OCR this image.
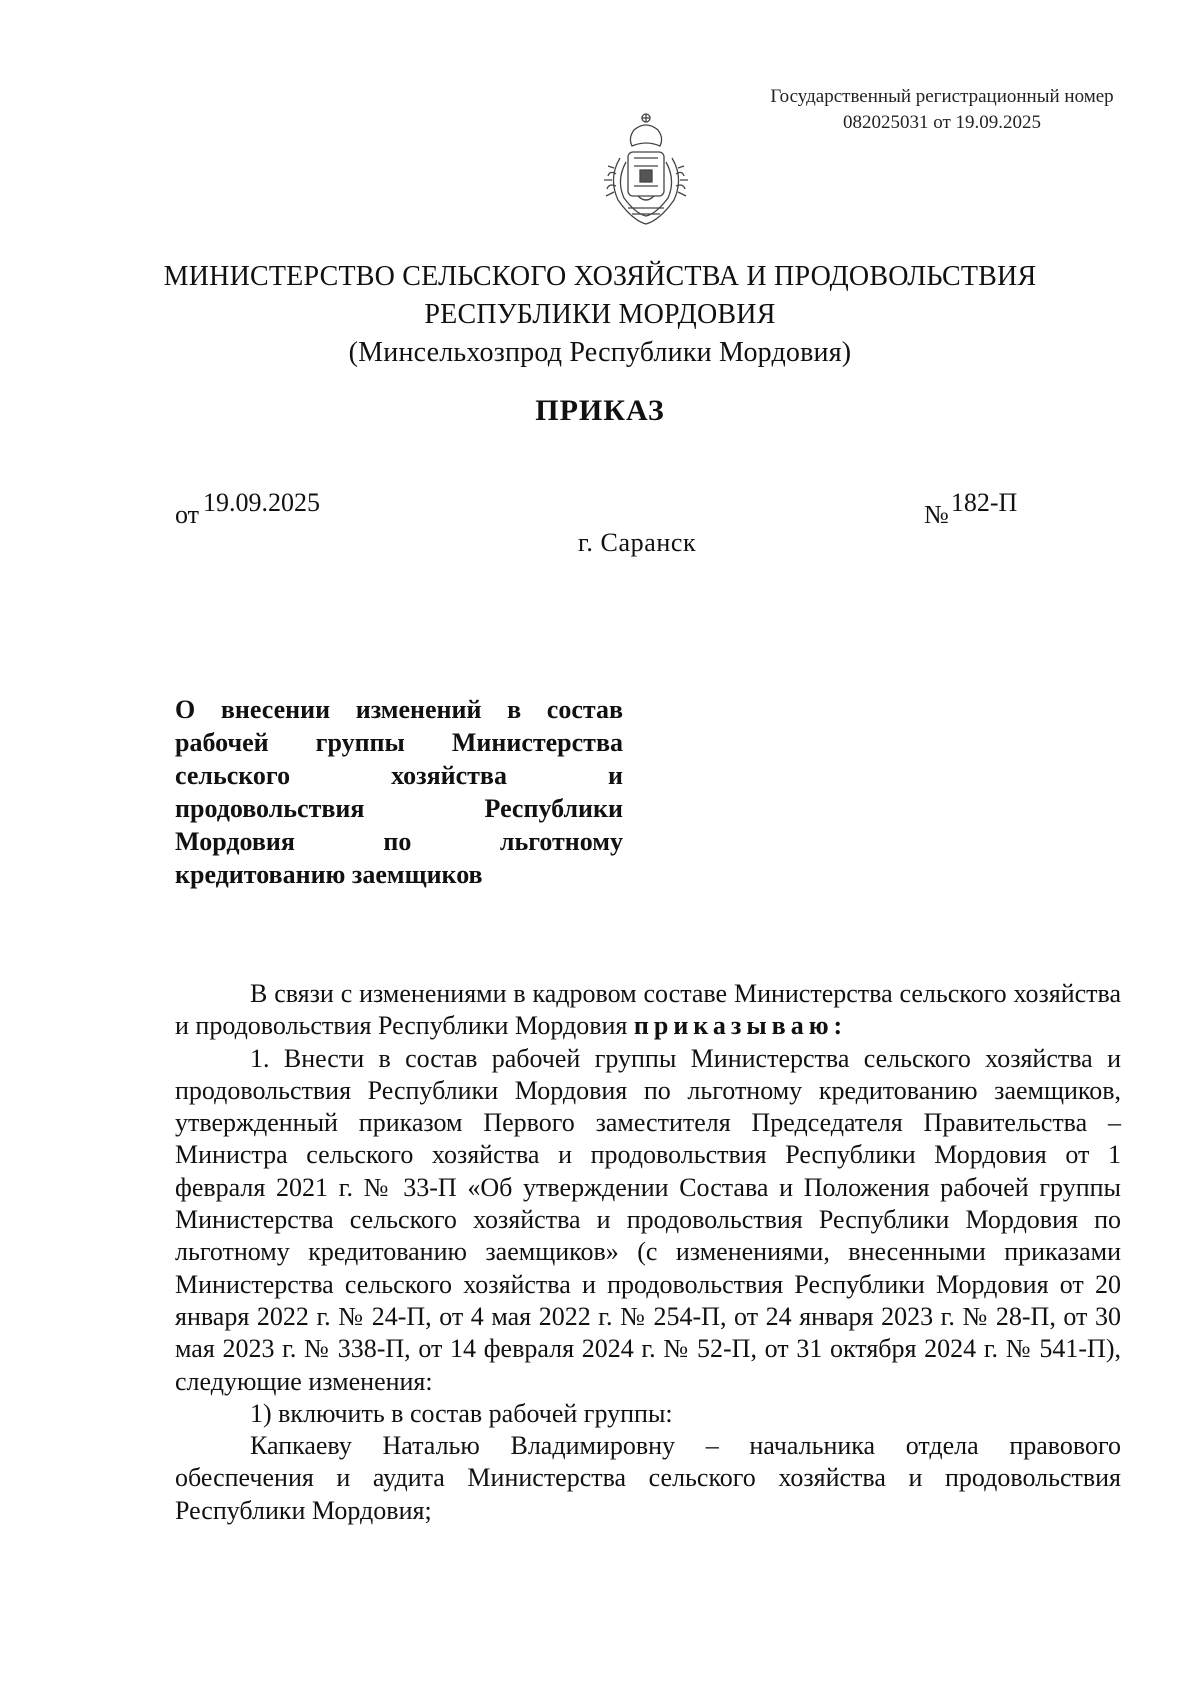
Государственный регистрационный номер
082025031 от 19.09.2025
МИНИСТЕРСТВО СЕЛЬСКОГО ХОЗЯЙСТВА И ПРОДОВОЛЬСТВИЯ
РЕСПУБЛИКИ МОРДОВИЯ
(Минсельхозпрод Республики Мордовия)
ПРИКАЗ
от 19.09.2025	№182-П
г. Саранск
О внесении изменений в состав рабочей группы Министерства сельского хозяйства и продовольствия Республики Мордовия по льготному кредитованию заемщиков

В связи с изменениями в кадровом составе Министерства сельского хозяйства и продовольствия Республики Мордовия приказываю:

1. Внести в состав рабочей группы Министерства сельского хозяйства и продовольствия Республики Мордовия по льготному кредитованию заемщиков, утвержденный приказом Первого заместителя Председателя Правительства – Министра сельского хозяйства и продовольствия Республики Мордовия от 1 февраля 2021 г. № 33-П «Об утверждении Состава и Положения рабочей группы Министерства сельского хозяйства и продовольствия Республики Мордовия по льготному кредитованию заемщиков» (с изменениями, внесенными приказами Министерства сельского хозяйства и продовольствия Республики Мордовия от 20 января 2022 г. № 24-П, от 4 мая 2022 г. № 254-П, от 24 января 2023 г. № 28-П, от 30 мая 2023 г. № 338-П, от 14 февраля 2024 г. № 52-П, от 31 октября 2024 г. № 541-П), следующие изменения:

1) включить в состав рабочей группы:

Капкаеву Наталью Владимировну – начальника отдела правового обеспечения и аудита Министерства сельского хозяйства и продовольствия Республики Мордовия;
